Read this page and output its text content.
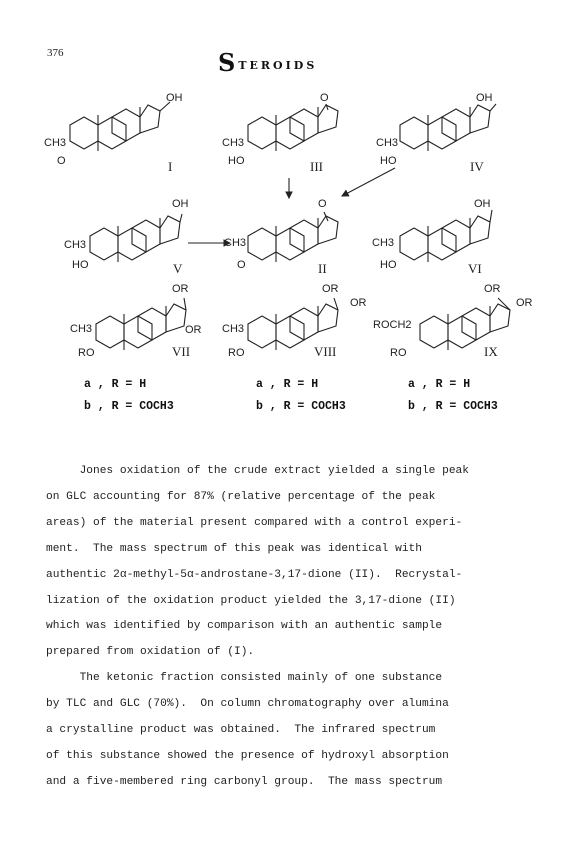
376	STEROIDS
OH
CH3
O	I
O
CH3
HO	III
OH
CH3
HO	IV
OH
CH3
HO	V
O
CH3
O	II
OH
CH3
HO	VI
OR
OR
CH3
RO	VII
OR
OR
CH3
RO	VIII
OR
OR
ROCH2
RO	IX
a , R = H
b , R = COCH3
a , R = H
b , R = COCH3
a , R = H
b , R = COCH3

Jones oxidation of the crude extract yielded a single peak

on GLC accounting for 87% (relative percentage of the peak

areas) of the material present compared with a control experi-

ment.  The mass spectrum of this peak was identical with

authentic 2α-methyl-5α-androstane-3,17-dione (II).  Recrystal-

lization of the oxidation product yielded the 3,17-dione (II)

which was identified by comparison with an authentic sample

prepared from oxidation of (I).

The ketonic fraction consisted mainly of one substance

by TLC and GLC (70%).  On column chromatography over alumina

a crystalline product was obtained.  The infrared spectrum

of this substance showed the presence of hydroxyl absorption

and a five-membered ring carbonyl group.  The mass spectrum
